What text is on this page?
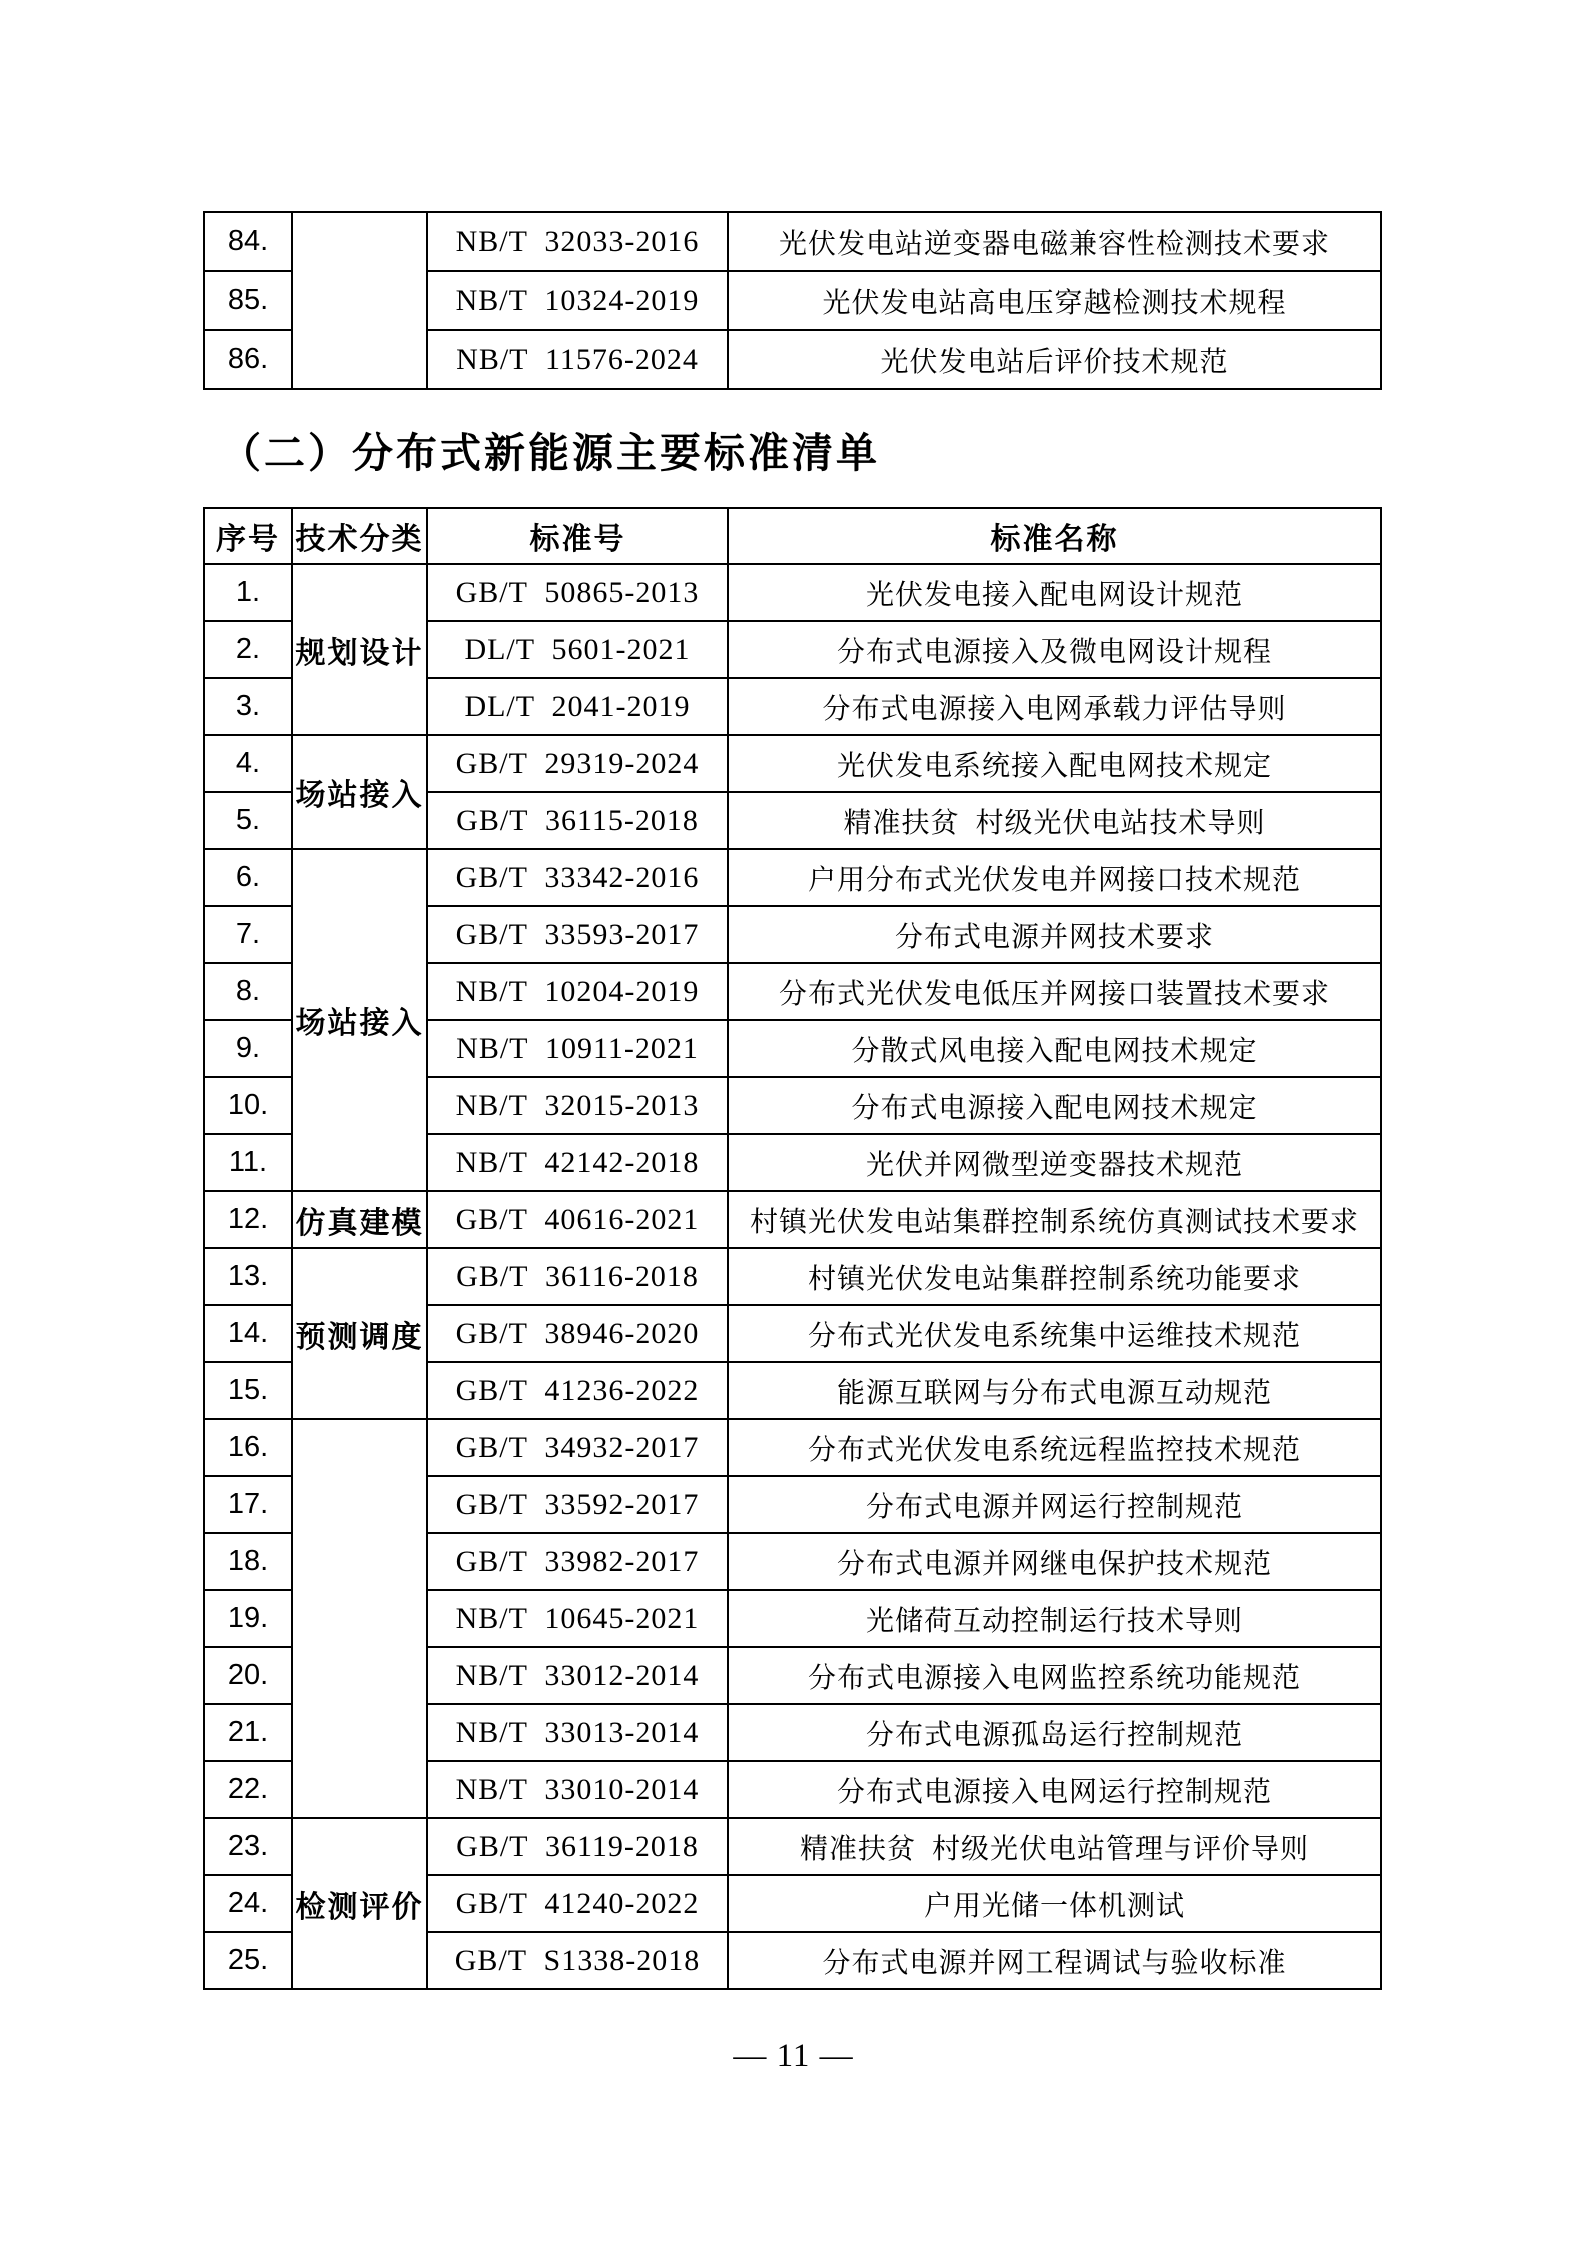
84.		NB/T  32033-2016	光伏发电站逆变器电磁兼容性检测技术要求
85.		NB/T  10324-2019	光伏发电站高电压穿越检测技术规程
86.		NB/T  11576-2024	光伏发电站后评价技术规范
（二）分布式新能源主要标准清单
序号	技术分类	标准号	标准名称
1.	规划设计	GB/T  50865-2013	光伏发电接入配电网设计规范
2.		DL/T  5601-2021	分布式电源接入及微电网设计规程
3.		DL/T  2041-2019	分布式电源接入电网承载力评估导则
4.	场站接入	GB/T  29319-2024	光伏发电系统接入配电网技术规定
5.		GB/T  36115-2018	精准扶贫  村级光伏电站技术导则
6.	场站接入	GB/T  33342-2016	户用分布式光伏发电并网接口技术规范
7.		GB/T  33593-2017	分布式电源并网技术要求
8.		NB/T  10204-2019	分布式光伏发电低压并网接口装置技术要求
9.		NB/T  10911-2021	分散式风电接入配电网技术规定
10.		NB/T  32015-2013	分布式电源接入配电网技术规定
11.		NB/T  42142-2018	光伏并网微型逆变器技术规范
12.	仿真建模	GB/T  40616-2021	村镇光伏发电站集群控制系统仿真测试技术要求
13.	预测调度	GB/T  36116-2018	村镇光伏发电站集群控制系统功能要求
14.		GB/T  38946-2020	分布式光伏发电系统集中运维技术规范
15.		GB/T  41236-2022	能源互联网与分布式电源互动规范
16.		GB/T  34932-2017	分布式光伏发电系统远程监控技术规范
17.		GB/T  33592-2017	分布式电源并网运行控制规范
18.		GB/T  33982-2017	分布式电源并网继电保护技术规范
19.		NB/T  10645-2021	光储荷互动控制运行技术导则
20.		NB/T  33012-2014	分布式电源接入电网监控系统功能规范
21.		NB/T  33013-2014	分布式电源孤岛运行控制规范
22.		NB/T  33010-2014	分布式电源接入电网运行控制规范
23.	检测评价	GB/T  36119-2018	精准扶贫  村级光伏电站管理与评价导则
24.		GB/T  41240-2022	户用光储一体机测试
25.		GB/T  S1338-2018	分布式电源并网工程调试与验收标准
— 11 —
